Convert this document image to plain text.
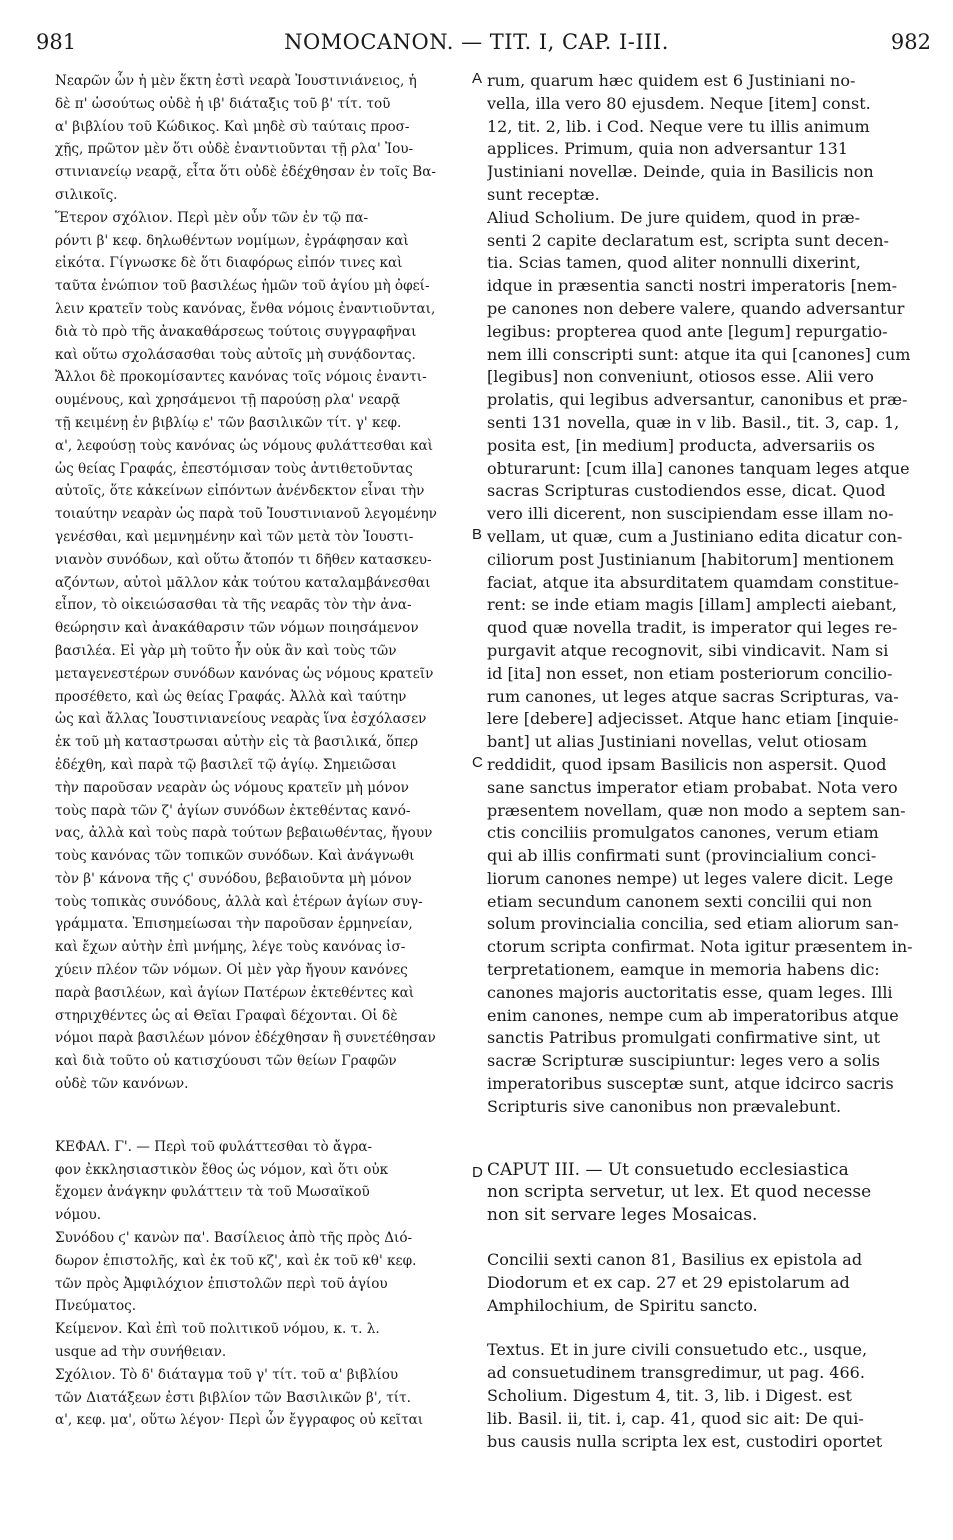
981	NOMOCANON. — TIT. I, CAP. I-III.	982
A
B
C
D

Νεαρῶν ὧν ἡ μὲν ἕκτη ἐστὶ νεαρὰ Ἰουστινιάνειος, ἡ
δὲ π' ὡσούτως οὐδὲ ἡ ιβ' διάταξις τοῦ β' τίτ. τοῦ
α' βιβλίου τοῦ Κώδικος. Καὶ μηδὲ σὺ ταύταις προσ-
χῇς, πρῶτον μὲν ὅτι οὐδὲ ἐναντιοῦνται τῇ ρλα' Ἰου-
στινιανείῳ νεαρᾷ, εἶτα ὅτι οὐδὲ ἐδέχθησαν ἐν τοῖς Βα-
σιλικοῖς.

Ἕτερον σχόλιον. Περὶ μὲν οὖν τῶν ἐν τῷ πα-
ρόντι β' κεφ. δηλωθέντων νομίμων, ἐγράφησαν καὶ
εἰκότα. Γίγνωσκε δὲ ὅτι διαφόρως εἰπόν τινες καὶ
ταῦτα ἐνώπιον τοῦ βασιλέως ἡμῶν τοῦ ἁγίου μὴ ὀφεί-
λειν κρατεῖν τοὺς κανόνας, ἔνθα νόμοις ἐναντιοῦνται,
διὰ τὸ πρὸ τῆς ἀνακαθάρσεως τούτοις συγγραφῆναι
καὶ οὕτω σχολάσασθαι τοὺς αὐτοῖς μὴ συνᾴδοντας.

Ἄλλοι δὲ προκομίσαντες κανόνας τοῖς νόμοις ἐναντι-
ουμένους, καὶ χρησάμενοι τῇ παρούσῃ ρλα' νεαρᾷ
τῇ κειμένῃ ἐν βιβλίῳ ε' τῶν βασιλικῶν τίτ. γ' κεφ.
α', λεφούσῃ τοὺς κανόνας ὡς νόμους φυλάττεσθαι καὶ
ὡς θείας Γραφάς, ἐπεστόμισαν τοὺς ἀντιθετοῦντας
αὐτοῖς, ὅτε κἀκείνων εἰπόντων ἀνένδεκτον εἶναι τὴν
τοιαύτην νεαρὰν ὡς παρὰ τοῦ Ἰουστινιανοῦ λεγομένην
γενέσθαι, καὶ μεμνημένην καὶ τῶν μετὰ τὸν Ἰουστι-
νιανὸν συνόδων, καὶ οὕτω ἄτοπόν τι δῆθεν κατασκευ-
αζόντων, αὐτοὶ μᾶλλον κἀκ τούτου καταλαμβάνεσθαι
εἶπον, τὸ οἰκειώσασθαι τὰ τῆς νεαρᾶς τὸν τὴν ἀνα-
θεώρησιν καὶ ἀνακάθαρσιν τῶν νόμων ποιησάμενον
βασιλέα. Εἰ γὰρ μὴ τοῦτο ἦν οὐκ ἂν καὶ τοὺς τῶν
μεταγενεστέρων συνόδων κανόνας ὡς νόμους κρατεῖν
προσέθετο, καὶ ὡς θείας Γραφάς. Ἀλλὰ καὶ ταύτην
ὡς καὶ ἄλλας Ἰουστινιανείους νεαρὰς ἵνα ἐσχόλασεν
ἐκ τοῦ μὴ καταστρωσαι αὐτὴν εἰς τὰ βασιλικά, ὅπερ
ἐδέχθη, καὶ παρὰ τῷ βασιλεῖ τῷ ἁγίῳ. Σημειῶσαι
τὴν παροῦσαν νεαρὰν ὡς νόμους κρατεῖν μὴ μόνον
τοὺς παρὰ τῶν ζ' ἁγίων συνόδων ἐκτεθέντας κανό-
νας, ἀλλὰ καὶ τοὺς παρὰ τούτων βεβαιωθέντας, ἤγουν
τοὺς κανόνας τῶν τοπικῶν συνόδων. Καὶ ἀνάγνωθι
τὸν β' κάνονα τῆς ϛ' συνόδου, βεβαιοῦντα μὴ μόνον
τοὺς τοπικὰς συνόδους, ἀλλὰ καὶ ἑτέρων ἁγίων συγ-
γράμματα. Ἐπισημείωσαι τὴν παροῦσαν ἑρμηνείαν,
καὶ ἔχων αὐτὴν ἐπὶ μνήμης, λέγε τοὺς κανόνας ἰσ-
χύειν πλέον τῶν νόμων. Οἱ μὲν γὰρ ἤγουν κανόνες
παρὰ βασιλέων, καὶ ἁγίων Πατέρων ἐκτεθέντες καὶ
στηριχθέντες ὡς αἱ Θεῖαι Γραφαὶ δέχονται. Οἱ δὲ
νόμοι παρὰ βασιλέων μόνον ἐδέχθησαν ἢ συνετέθησαν
καὶ διὰ τοῦτο οὐ κατισχύουσι τῶν θείων Γραφῶν
οὐδὲ τῶν κανόνων.

ΚΕΦΑΛ. Γ'. — Περὶ τοῦ φυλάττεσθαι τὸ ἄγρα-
φον ἐκκλησιαστικὸν ἔθος ὡς νόμον, καὶ ὅτι οὐκ
ἔχομεν ἀνάγκην φυλάττειν τὰ τοῦ Μωσαϊκοῦ
νόμου.

Συνόδου ϛ' κανὼν πα'. Βασίλειος ἀπὸ τῆς πρὸς Διό-
δωρον ἐπιστολῆς, καὶ ἐκ τοῦ κζ', καὶ ἐκ τοῦ κθ' κεφ.
τῶν πρὸς Ἀμφιλόχιον ἐπιστολῶν περὶ τοῦ ἁγίου
Πνεύματος.

Κείμενον. Καὶ ἐπὶ τοῦ πολιτικοῦ νόμου, κ. τ. λ.
usque ad τὴν συνήθειαν.

Σχόλιον. Τὸ δ' διάταγμα τοῦ γ' τίτ. τοῦ α' βιβλίου
τῶν Διατάξεων ἐστι βιβλίον τῶν Βασιλικῶν β', τίτ.
α', κεφ. μα', οὕτω λέγον· Περὶ ὧν ἔγγραφος οὐ κεῖται

rum, quarum hæc quidem est 6 Justiniani no-
vella, illa vero 80 ejusdem. Neque [item] const.
12, tit. 2, lib. i Cod. Neque vere tu illis animum
applices. Primum, quia non adversantur 131
Justiniani novellæ. Deinde, quia in Basilicis non
sunt receptæ.

Aliud Scholium. De jure quidem, quod in præ-
senti 2 capite declaratum est, scripta sunt decen-
tia. Scias tamen, quod aliter nonnulli dixerint,
idque in præsentia sancti nostri imperatoris [nem-
pe canones non debere valere, quando adversantur
legibus: propterea quod ante [legum] repurgatio-
nem illi conscripti sunt: atque ita qui [canones] cum
[legibus] non conveniunt, otiosos esse. Alii vero
prolatis, qui legibus adversantur, canonibus et præ-
senti 131 novella, quæ in v lib. Basil., tit. 3, cap. 1,
posita est, [in medium] producta, adversariis os
obturarunt: [cum illa] canones tanquam leges atque
sacras Scripturas custodiendos esse, dicat. Quod
vero illi dicerent, non suscipiendam esse illam no-
vellam, ut quæ, cum a Justiniano edita dicatur con-
ciliorum post Justinianum [habitorum] mentionem
faciat, atque ita absurditatem quamdam constitue-
rent: se inde etiam magis [illam] amplecti aiebant,
quod quæ novella tradit, is imperator qui leges re-
purgavit atque recognovit, sibi vindicavit. Nam si
id [ita] non esset, non etiam posteriorum concilio-
rum canones, ut leges atque sacras Scripturas, va-
lere [debere] adjecisset. Atque hanc etiam [inquie-
bant] ut alias Justiniani novellas, velut otiosam
reddidit, quod ipsam Basilicis non aspersit. Quod
sane sanctus imperator etiam probabat. Nota vero
præsentem novellam, quæ non modo a septem san-
ctis conciliis promulgatos canones, verum etiam
qui ab illis confirmati sunt (provincialium conci-
liorum canones nempe) ut leges valere dicit. Lege
etiam secundum canonem sexti concilii qui non
solum provincialia concilia, sed etiam aliorum san-
ctorum scripta confirmat. Nota igitur præsentem in-
terpretationem, eamque in memoria habens dic:
canones majoris auctoritatis esse, quam leges. Illi
enim canones, nempe cum ab imperatoribus atque
sanctis Patribus promulgati confirmative sint, ut
sacræ Scripturæ suscipiuntur: leges vero a solis
imperatoribus susceptæ sunt, atque idcirco sacris
Scripturis sive canonibus non prævalebunt.

CAPUT III. — Ut consuetudo ecclesiastica
non scripta servetur, ut lex. Et quod necesse
non sit servare leges Mosaicas.

Concilii sexti canon 81, Basilius ex epistola ad
Diodorum et ex cap. 27 et 29 epistolarum ad
Amphilochium, de Spiritu sancto.

Textus. Et in jure civili consuetudo etc., usque,
ad consuetudinem transgredimur, ut pag. 466.

Scholium. Digestum 4, tit. 3, lib. i Digest. est
lib. Basil. ii, tit. i, cap. 41, quod sic ait: De qui-
bus causis nulla scripta lex est, custodiri oportet
